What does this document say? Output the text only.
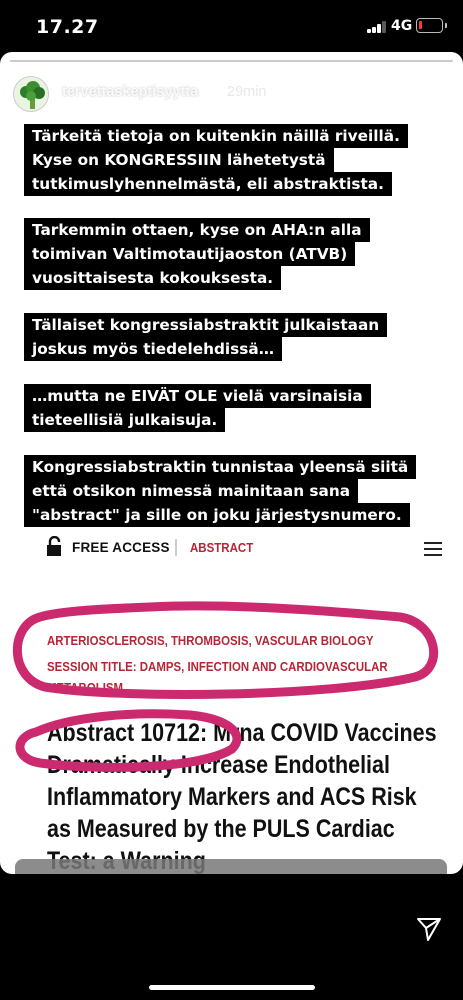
17.27	4G
tervettaskeptisyytta 29min
Tärkeitä tietoja on kuitenkin näillä riveillä.
Kyse on KONGRESSIIN lähetetystä
tutkimuslyhennelmästä, eli abstraktista.
Tarkemmin ottaen, kyse on AHA:n alla
toimivan Valtimotautijaoston (ATVB)
vuosittaisesta kokouksesta.
Tällaiset kongressiabstraktit julkaistaan
joskus myös tiedelehdissä…
…mutta ne EIVÄT OLE vielä varsinaisia
tieteellisiä julkaisuja.
Kongressiabstraktin tunnistaa yleensä siitä
että otsikon nimessä mainitaan sana
"abstract" ja sille on joku järjestysnumero.
FREE ACCESS ABSTRACT
ARTERIOSCLEROSIS, THROMBOSIS, VASCULAR BIOLOGY
SESSION TITLE: DAMPS, INFECTION AND CARDIOVASCULAR
METABOLISM
Abstract 10712: Mrna COVID Vaccines
Dramatically Increase Endothelial
Inflammatory Markers and ACS Risk
as Measured by the PULS Cardiac
